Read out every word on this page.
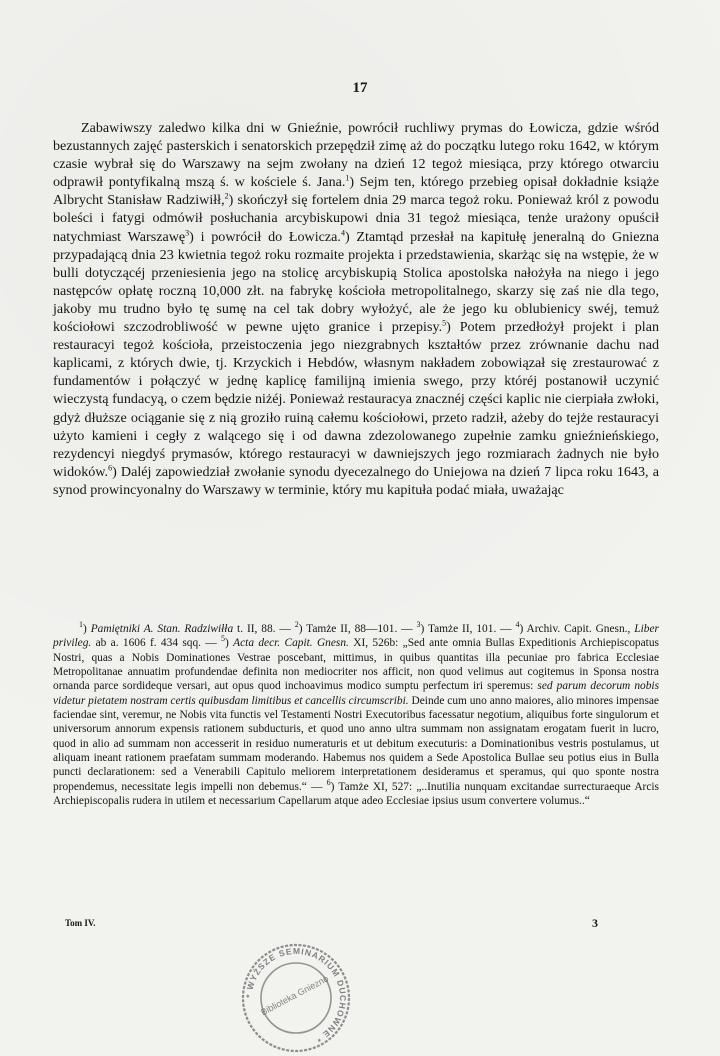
17

Zabawiwszy zaledwo kilka dni w Gnieźnie, powrócił ruchliwy prymas do Łowicza, gdzie wśród bezustannych zajęć pasterskich i senatorskich przepędził zimę aż do początku lutego roku 1642, w którym czasie wybrał się do Warszawy na sejm zwołany na dzień 12 tegoż miesiąca, przy którego otwarciu odprawił pontyfikalną mszą ś. w kościele ś. Jana.$^1$) Sejm ten, którego przebieg opisał dokładnie książe Albrycht Stanisław Radziwiłł,$^2$) skończył się fortelem dnia 29 marca tegoż roku. Ponieważ król z powodu boleści i fatygi odmówił posłuchania arcybiskupowi dnia 31 tegoż miesiąca, tenże urażony opuścił natychmiast Warszawę$^3$) i powrócił do Łowicza.$^4$) Ztamtąd przesłał na kapitułę jeneralną do Gniezna przypadającą dnia 23 kwietnia tegoż roku rozmaite projekta i przedstawienia, skarżąc się na wstępie, że w bulli dotyczącéj przeniesienia jego na stolicę arcybiskupią Stolica apostolska nałożyła na niego i jego następców opłatę roczną 10,000 złt. na fabrykę kościoła metropolitalnego, skarzy się zaś nie dla tego, jakoby mu trudno było tę sumę na cel tak dobry wyłożyć, ale że jego ku oblubienicy swéj, temuż kościołowi szczodrobliwość w pewne ujęto granice i przepisy.$^5$) Potem przedłożył projekt i plan restauracyi tegoż kościoła, przeistoczenia jego niezgrabnych kształtów przez zrównanie dachu nad kaplicami, z których dwie, tj. Krzyckich i Hebdów, własnym nakładem zobowiązał się zrestaurować z fundamentów i połączyć w jednę kaplicę familijną imienia swego, przy któréj postanowił uczynić wieczystą fundacyą, o czem będzie niżéj. Ponieważ restauracya znacznéj części kaplic nie cierpiała zwłoki, gdyż dłuższe ociąganie się z nią groziło ruiną całemu kościołowi, przeto radził, ażeby do tejże restauracyi użyto kamieni i cegły z walącego się i od dawna zdezolowanego zupełnie zamku gnieźnieńskiego, rezydencyi niegdyś prymasów, którego restauracyi w dawniejszych jego rozmiarach żadnych nie było widoków.$^6$) Daléj zapowiedział zwołanie synodu dyecezalnego do Uniejowa na dzień 7 lipca roku 1643, a synod prowincyonalny do Warszawy w terminie, który mu kapituła podać miała, uważając

$^1$) Pamiętniki A. Stan. Radziwiłła t. II, 88. — $^2$) Tamże II, 88—101. — $^3$) Tamże II, 101. — $^4$) Archiv. Capit. Gnesn., Liber privileg. ab a. 1606 f. 434 sqq. — $^5$) Acta decr. Capit. Gnesn. XI, 526b: „Sed ante omnia Bullas Expeditionis Archiepiscopatus Nostri, quas a Nobis Dominationes Vestrae poscebant, mittimus, in quibus quantitas illa pecuniae pro fabrica Ecclesiae Metropolitanae annuatim profundendae definita non mediocriter nos afficit, non quod velimus aut cogitemus in Sponsa nostra ornanda parce sordideque versari, aut opus quod inchoavimus modico sumptu perfectum iri speremus: sed parum decorum nobis videtur pietatem nostram certis quibusdam limitibus et cancellis circumscribi. Deinde cum uno anno maiores, alio minores impensae faciendae sint, veremur, ne Nobis vita functis vel Testamenti Nostri Executoribus facessatur negotium, aliquibus forte singulorum et universorum annorum expensis rationem subducturis, et quod uno anno ultra summam non assignatam erogatam fuerit in lucro, quod in alio ad summam non accesserit in residuo numeraturis et ut debitum executuris: a Dominationibus vestris postulamus, ut aliquam ineant rationem praefatam summam moderando. Habemus nos quidem a Sede Apostolica Bullae seu potius eius in Bulla puncti declarationem: sed a Venerabili Capitulo meliorem interpretationem desideramus et speramus, qui quo sponte nostra propendemus, necessitate legis impelli non debemus.“ — $^6$) Tamże XI, 527: „..Inutilia nunquam excitandae surrecturaeque Arcis Archiepiscopalis rudera in utilem et necessarium Capellarum atque adeo Ecclesiae ipsius usum convertere volumus..“

Tom IV.	3
* WYŻSZE SEMINARIUM DUCHOWNE *
Biblioteka Gniezno
